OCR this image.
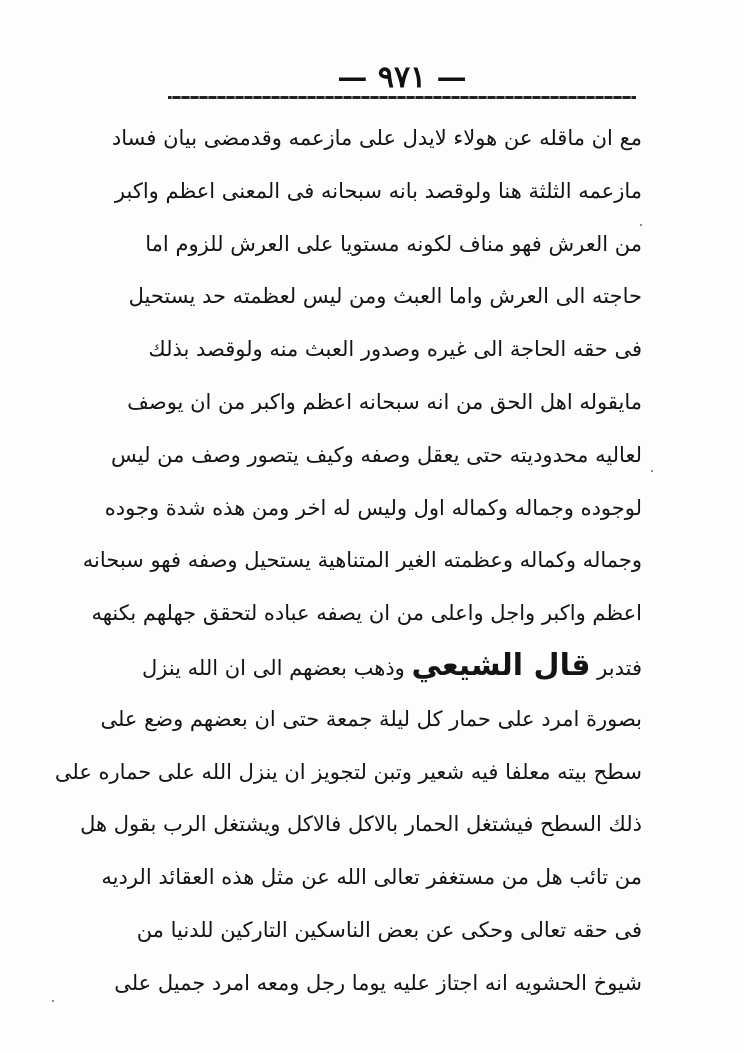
— ٩٧١ —
مع ان ماقله عن هولاء لايدل على مازعمه وقدمضى بيان فساد
مازعمه الثلثة هنا ولوقصد بانه سبحانه فى المعنى اعظم واكبر
من العرش فهو مناف لكونه مستويا على العرش للزوم اما
حاجته الى العرش واما العبث ومن ليس لعظمته حد يستحيل
فى حقه الحاجة الى غيره وصدور العبث منه ولوقصد بذلك
مايقوله اهل الحق من انه سبحانه اعظم واكبر من ان يوصف
لعاليه محدوديته حتى يعقل وصفه وكيف يتصور وصف من ليس
لوجوده وجماله وكماله اول وليس له اخر ومن هذه شدة وجوده
وجماله وكماله وعظمته الغير المتناهية يستحيل وصفه فهو سبحانه
اعظم واكبر واجل واعلى من ان يصفه عباده لتحقق جهلهم بكنهه
فتدبر قال الشيعي وذهب بعضهم الى ان الله ينزل
بصورة امرد على حمار كل ليلة جمعة حتى ان بعضهم وضع على
سطح بيته معلفا فيه شعير وتبن لتجويز ان ينزل الله على حماره على
ذلك السطح فيشتغل الحمار بالاكل فالاكل ويشتغل الرب بقول هل
من تائب هل من مستغفر تعالى الله عن مثل هذه العقائد الرديه
فى حقه تعالى وحكى عن بعض الناسكين التاركين للدنيا من
شيوخ الحشويه انه اجتاز عليه يوما رجل ومعه امرد جميل على
